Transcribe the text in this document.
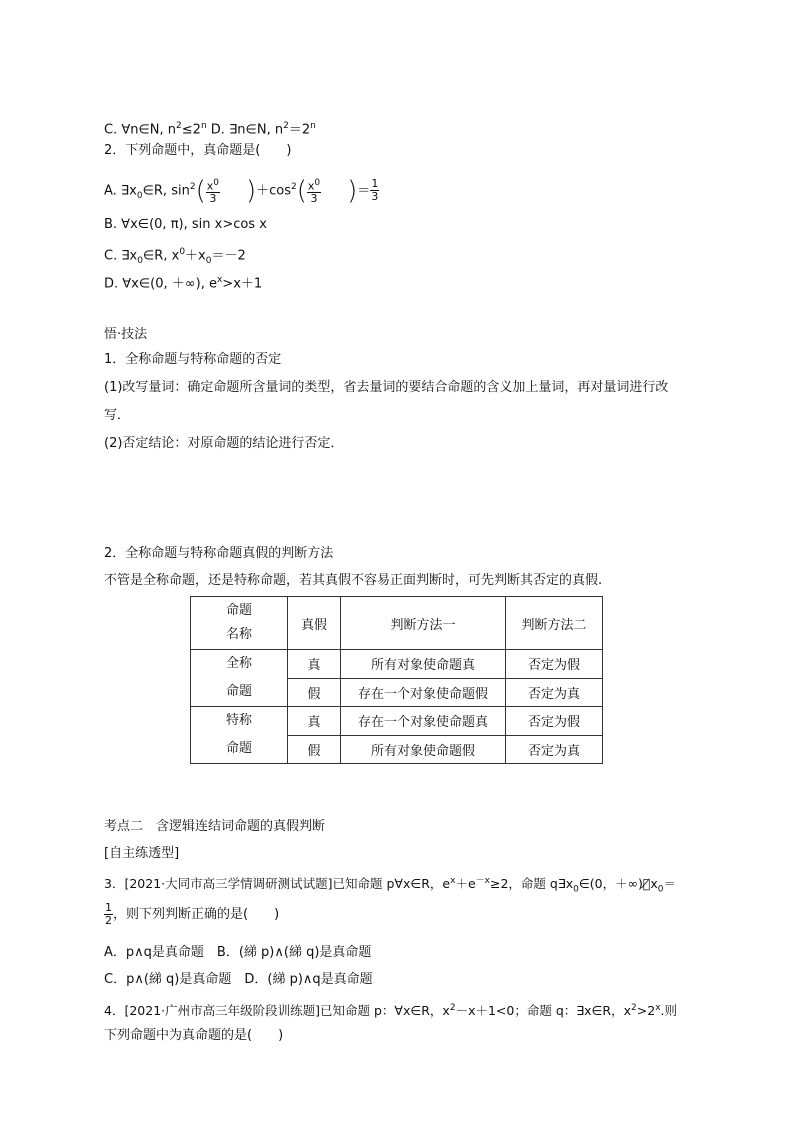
C. ∀n∈N, $n^2\le 2^n$ D. ∃n∈N, $n^2=2^n$
2．下列命题中，真命题是(　　)
A. $\exists x_0\in R$, $\sin^2( \frac{x^0}{3} )+\cos^2( \frac{x^0}{3}$ )＝ $\frac{1}{3}$
B. ∀x∈(0, π), sin x>cos x
C. $\exists x_0\in R$, $x^0+x_0=-2$
D. ∀x∈(0, ＋∞), $e^x>x+1$
悟·技法
1．全称命题与特称命题的否定
(1)改写量词：确定命题所含量词的类型，省去量词的要结合命题的含义加上量词，再对量词进行改
写．
(2)否定结论：对原命题的结论进行否定．
2．全称命题与特称命题真假的判断方法
不管是全称命题，还是特称命题，若其真假不容易正面判断时，可先判断其否定的真假.
命题
名称	真假	判断方法一	判断方法二
全称
命题	真	所有对象使命题真	否定为假
	假	存在一个对象使命题假	否定为真
特称
命题	真	存在一个对象使命题真	否定为假
	假	所有对象使命题假	否定为真
考点二　含逻辑连结词命题的真假判断
[自主练透型]
3．[2021·大同市高三学情调研测试试题]已知命题 p∀x∈R，$e^x+e^{-x}\ge 2$，命题 $q\exists x_0\in(0$，＋∞)，$̸x_0=$
$\frac{1}{2}$ ，则下列判断正确的是(　　)
A．p∧q是真命题　B．(綈 p)∧(綈 q)是真命题
C．p∧(綈 q)是真命题　D．(綈 p)∧q是真命题
4．[2021·广州市高三年级阶段训练题]已知命题 p：∀x∈R，$x^2-x+1<0$；命题 q：∃x∈R，$x^2>2^x$.则
下列命题中为真命题的是(　　)
